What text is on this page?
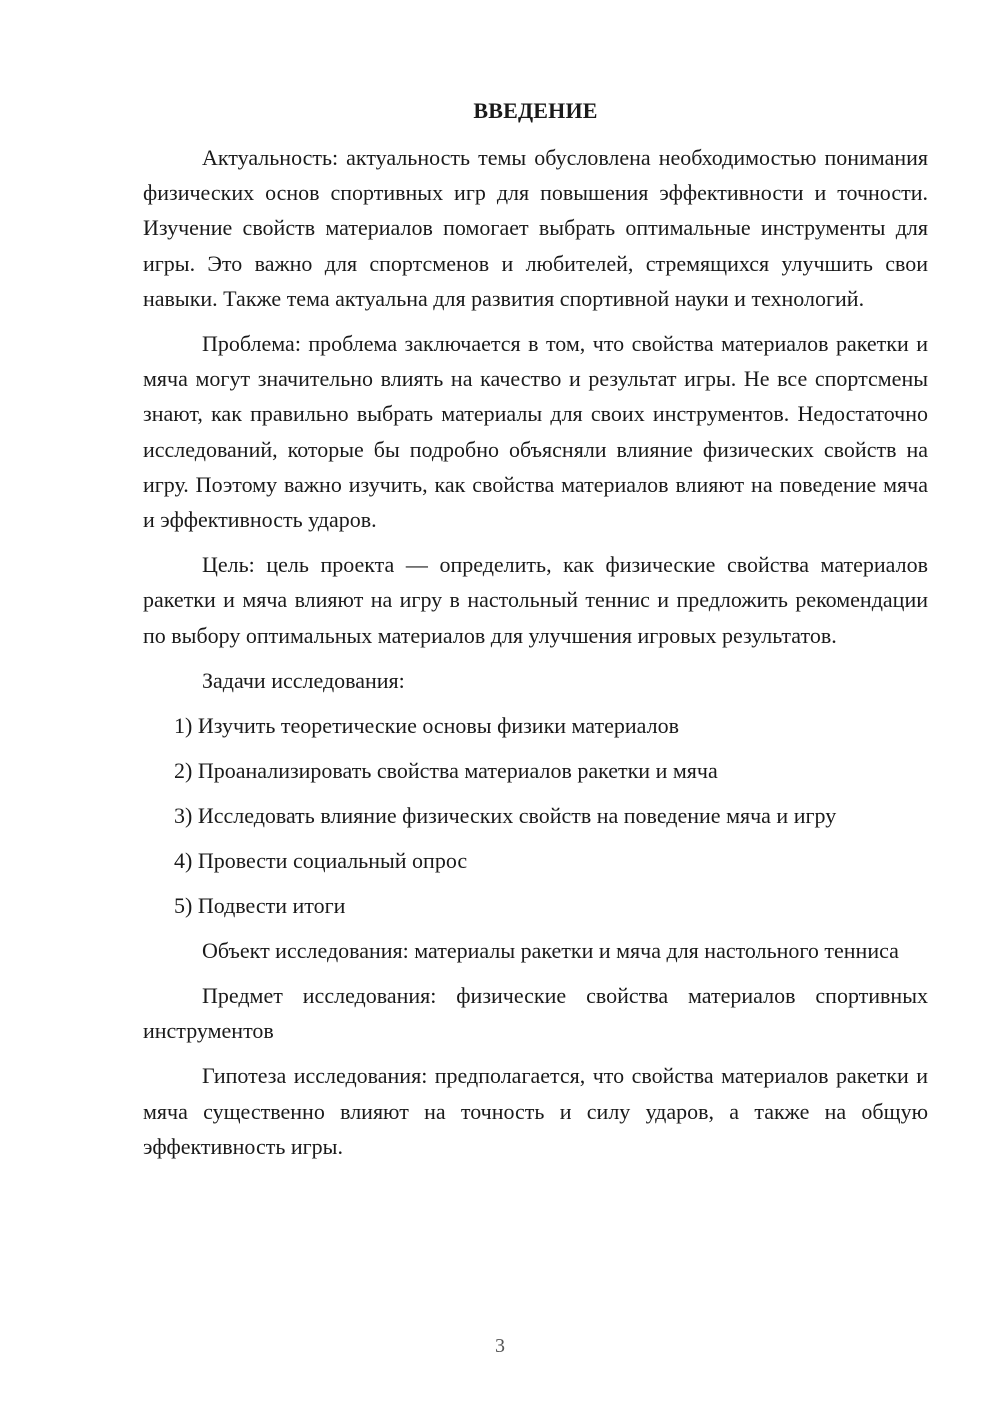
ВВЕДЕНИЕ

Актуальность: актуальность темы обусловлена необходимостью понимания физических основ спортивных игр для повышения эффективности и точности. Изучение свойств материалов помогает выбрать оптимальные инструменты для игры. Это важно для спортсменов и любителей, стремящихся улучшить свои навыки. Также тема актуальна для развития спортивной науки и технологий.

Проблема: проблема заключается в том, что свойства материалов ракетки и мяча могут значительно влиять на качество и результат игры. Не все спортсмены знают, как правильно выбрать материалы для своих инструментов. Недостаточно исследований, которые бы подробно объясняли влияние физических свойств на игру. Поэтому важно изучить, как свойства материалов влияют на поведение мяча и эффективность ударов.

Цель: цель проекта — определить, как физические свойства материалов ракетки и мяча влияют на игру в настольный теннис и предложить рекомендации по выбору оптимальных материалов для улучшения игровых результатов.

Задачи исследования:

1) Изучить теоретические основы физики материалов
2) Проанализировать свойства материалов ракетки и мяча
3) Исследовать влияние физических свойств на поведение мяча и игру
4) Провести социальный опрос
5) Подвести итоги

Объект исследования: материалы ракетки и мяча для настольного тенниса

Предмет исследования: физические свойства материалов спортивных инструментов

Гипотеза исследования: предполагается, что свойства материалов ракетки и мяча существенно влияют на точность и силу ударов, а также на общую эффективность игры.

3
